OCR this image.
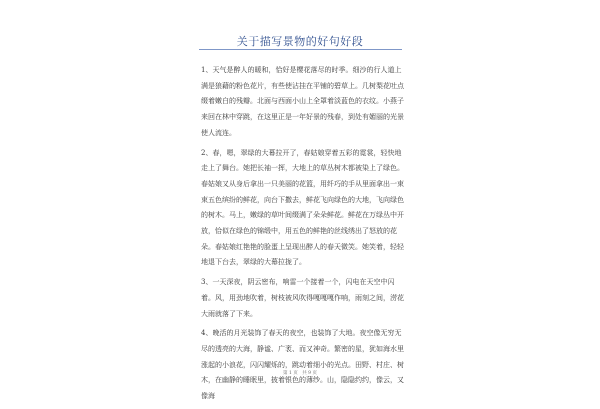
关于描写景物的好句好段

1、天气是醉人的暖和，恰好是樱花落尽的时季。细沙的行人道上满是狼藉的粉色花片，有些使沾挂在平铺的碧草上。几树梨花吐点缀着嫩白的残瓣。北面与西面小山上全罩着淡蓝色的衣纹。小燕子来回在林中穿跳，在这里正是一年好景的残春，到处有媚丽的光景使人流连。

2、春，嗯，翠绿的大幕拉开了，春姑娘穿着五彩的霓裳，轻快地走上了舞台。她把长袖一挥，大地上的草丛树木都被染上了绿色。春姑娘又从身后拿出一只美丽的花篮，用纤巧的手从里面拿出一束束五色缤纷的鲜花，向台下撒去，鲜花飞向绿色的大地，飞向绿色的树木。马上，嫩绿的草叶间缀满了朵朵鲜花。鲜花在万绿丛中开放，恰似在绿色的锦缎中，用五色的鲜艳的丝线绣出了怒放的花朵。春姑娘红艳艳的脸蛋上呈现出醉人的春天微笑。她笑着，轻轻地退下台去，翠绿的大幕拉拢了。

3、一天深夜，阴云密布，响雷一个接着一个，闪电在天空中闪着。风，用劲地吹着，树枝被风吹得嘎嘎嘎作响，雨刻之间，涝花大雨就落了下来。

4、晚活的月光装饰了春天的夜空，也装饰了大地。夜空像无穷无尽的透亮的大海，静谧、广袤、而又神奇。繁密的星，犹如海水里涨起的小浪花，闪闪耀烁的，跳动着细小的光点。田野、村庄、树木，在幽静的睡眠里，披着银色的薄纱。山，隐隐约约，像云，又像海

第 1 页　共 9 页
